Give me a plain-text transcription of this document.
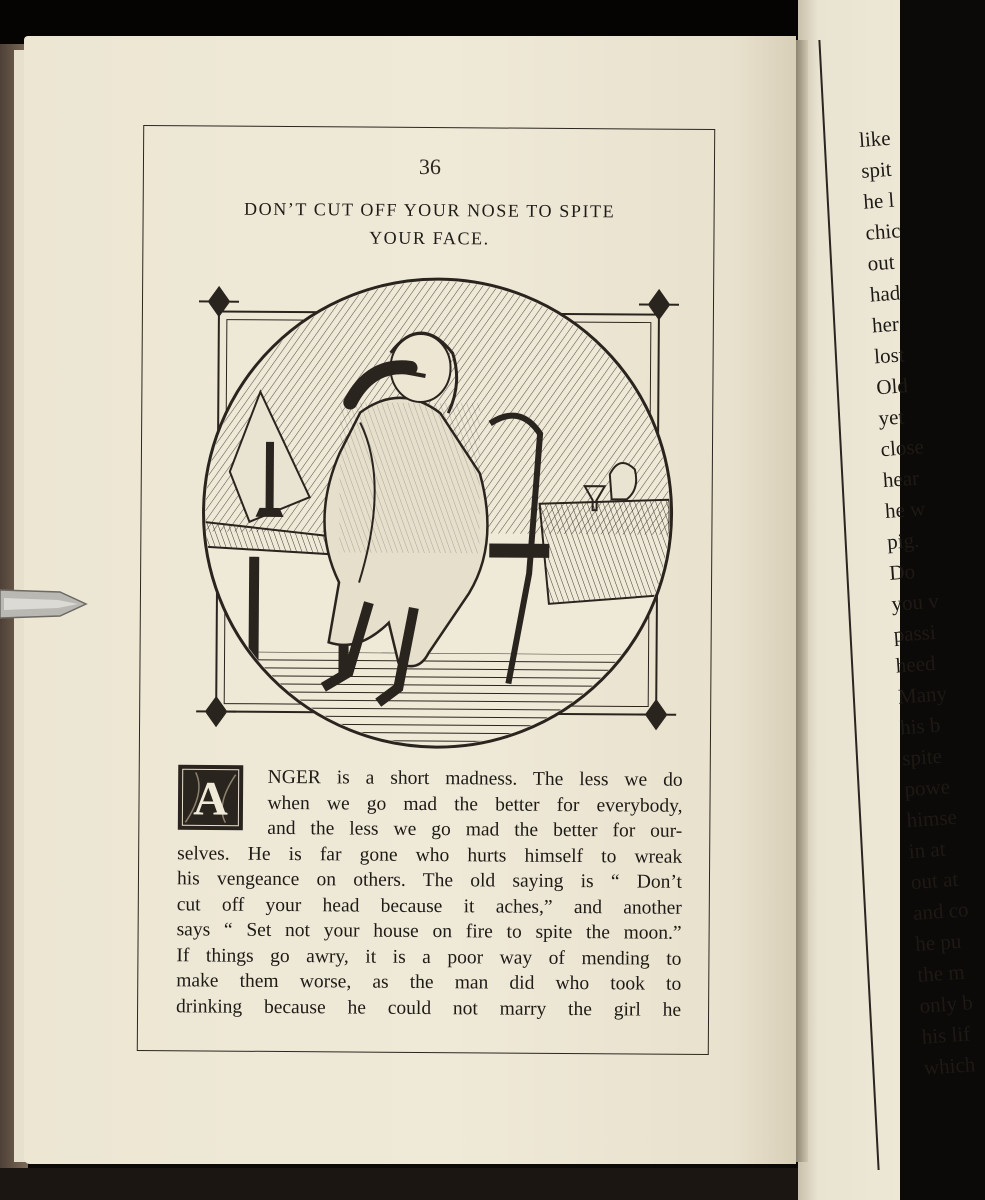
like
spit
he l
chic
out
had
her
lost
Old
yet
close
hear
he w
pig.
Do
you v
passi
heed
Many
his b
spite
powe
himse
in at
out at
and co
he pu
the m
only b
his lif
which
36
DON’T CUT OFF YOUR NOSE TO SPITE
YOUR FACE.
A	NGER is a short madness. The less we do
when we go mad the better for everybody,
and the less we go mad the better for our-
selves. He is far gone who hurts himself to wreak
his vengeance on others. The old saying is “ Don’t
cut off your head because it aches,” and another
says “ Set not your house on fire to spite the moon.”
If things go awry, it is a poor way of mending to
make them worse, as the man did who took to
drinking because he could not marry the girl he
